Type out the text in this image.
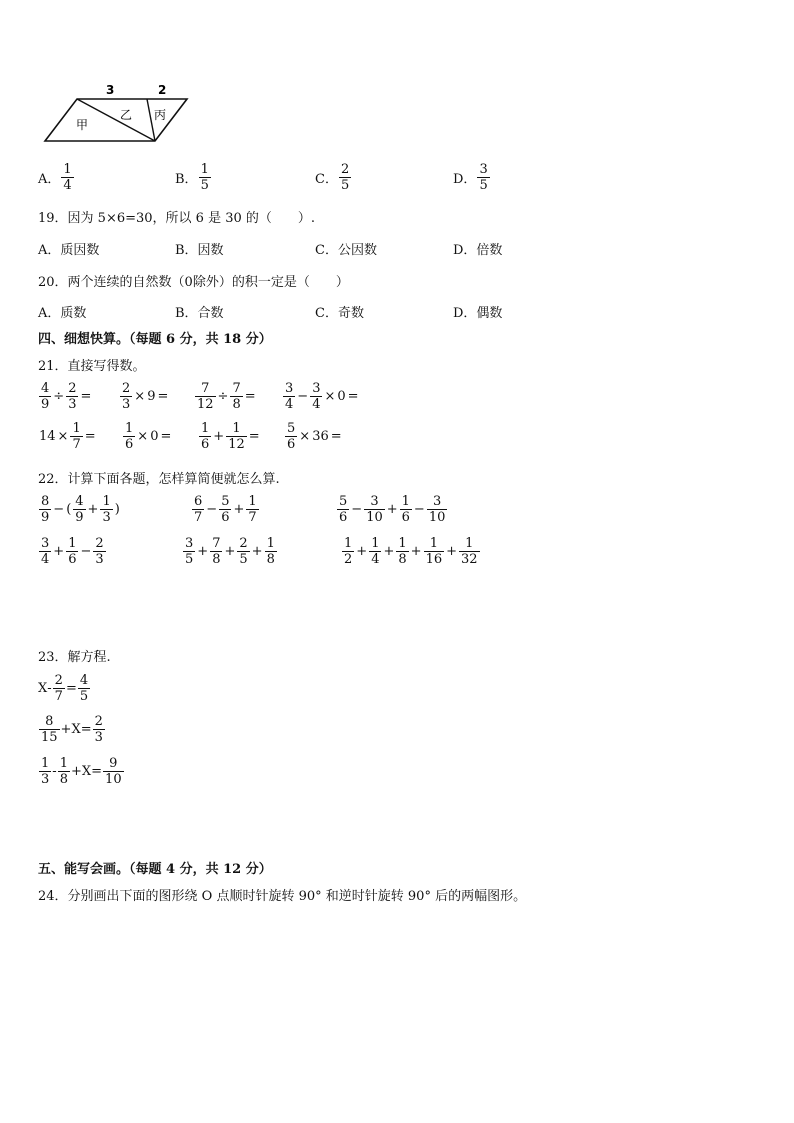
3	2
甲
乙 丙
A． $\frac{1}{4}$	B． $\frac{1}{5}$	C． $\frac{2}{5}$	D． $\frac{3}{5}$
19．因为 5×6=30，所以 6 是 30 的（　　）.
A．质因数	B．因数	C．公因数	D．倍数
20．两个连续的自然数（0除外）的积一定是（　　）
A．质数	B．合数	C．奇数	D．偶数
四、细想快算。（每题 6 分，共 18 分）
21．直接写得数。
$\frac{4}{9} \div \frac{2}{3} = \frac{2}{3} \times 9 = \frac{7}{12} \div \frac{7}{8} = \frac{3}{4} - \frac{3}{4} \times 0$ =
$14 \times \frac{1}{7} = \frac{1}{6} \times 0 = \frac{1}{6} + \frac{1}{12} = \frac{5}{6} \times 36$ =
22．计算下面各题，怎样算简便就怎么算.
$\frac{8}{9}$ − ( $\frac{4}{9} + \frac{1}{3}$ )	$\frac{6}{7} - \frac{5}{6} + \frac{1}{7}$	$\frac{5}{6} - \frac{3}{10} + \frac{1}{6} - \frac{3}{10}$
$\frac{3}{4} + \frac{1}{6} - \frac{2}{3}$	$\frac{3}{5} + \frac{7}{8} + \frac{2}{5} + \frac{1}{8}$	$\frac{1}{2} + \frac{1}{4} + \frac{1}{8} + \frac{1}{16} + \frac{1}{32}$
23．解方程.
$X - \frac{2}{7} = \frac{4}{5}$
$\frac{8}{15} + X = \frac{2}{3}$
$\frac{1}{3} - \frac{1}{8} + X = \frac{9}{10}$
五、能写会画。（每题 4 分，共 12 分）
24．分别画出下面的图形绕 O 点顺时针旋转 90° 和逆时针旋转 90° 后的两幅图形。
